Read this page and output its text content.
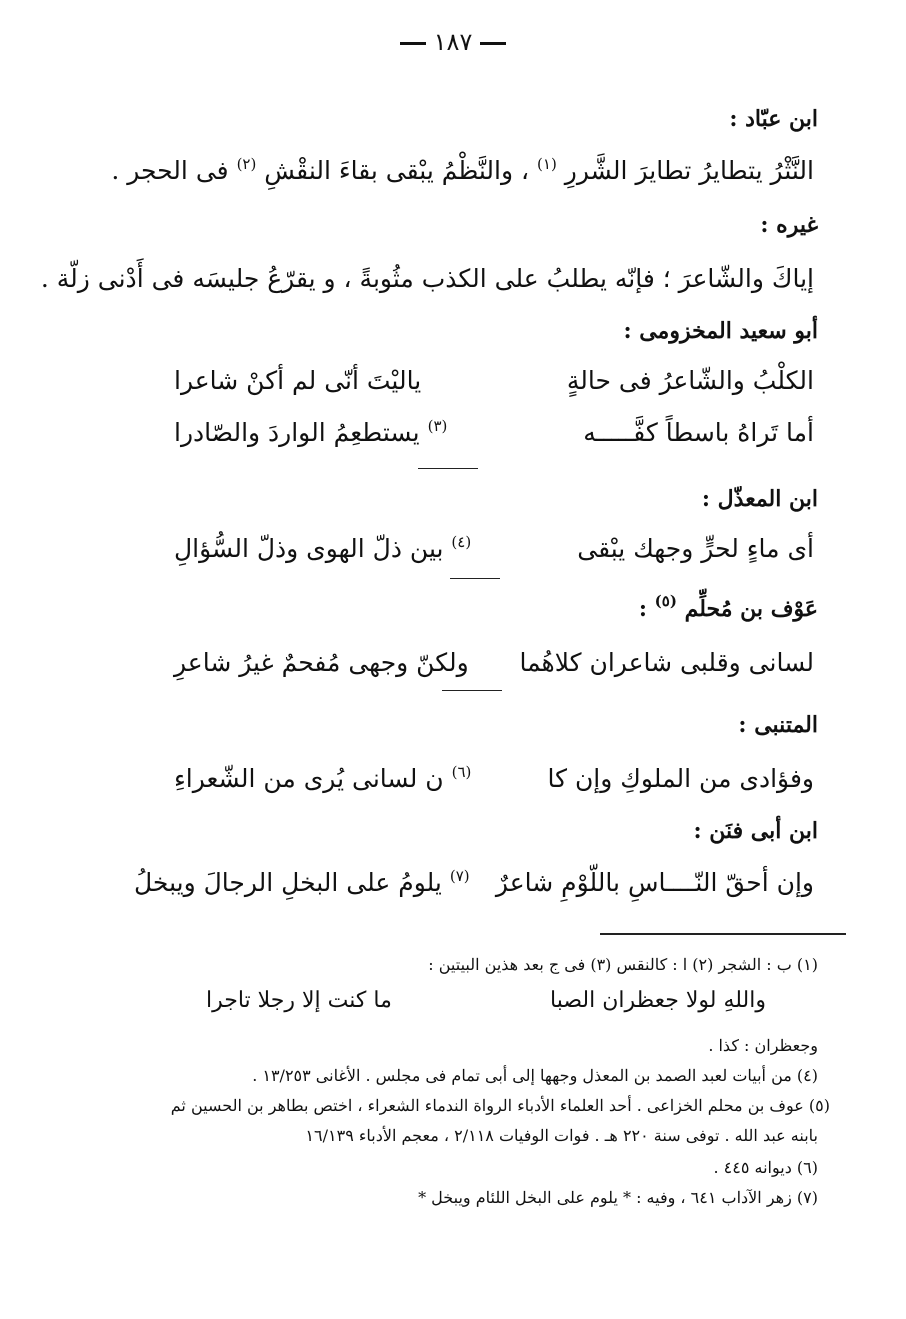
١٨٧
ابن عبّاد :
النَّثْرُ يتطايرُ تطايرَ الشَّررِ $^{(١)}$ ، والنَّظْمُ يبْقى بقاءَ النقْشِ $^{(٢)}$ فى الحجر .
غيره :
إياكَ والشّاعرَ ؛ فإنّه يطلبُ على الكذب مثُوبةً ، و يقرّعُ جليسَه فى أَدْنى زلّة .
أبو سعيد المخزومى :
الكلْبُ والشّاعرُ فى حالةٍ
ياليْتَ أنّى لم أكنْ شاعرا
أما تَراهُ باسطاً كفَّـــــه
$^{(٣)}$ يستطعِمُ الواردَ والصّادرا
ابن المعذّل :
أى ماءٍ لحرٍّ وجهك يبْقى
$^{(٤)}$ بين ذلّ الهوى وذلّ السُّؤالِ
عَوْف بن مُحلِّم $^{(٥)}$ :
لسانى وقلبى شاعران كلاهُما
ولكنّ وجهى مُفحمٌ غيرُ شاعرِ
المتنبى :
وفؤادى من الملوكِ وإن كا
$^{(٦)}$ ن لسانى يُرى من الشّعراءِ
ابن أبى فنَن :
وإن أحقّ النّــــاسِ باللّوْمِ شاعرٌ
$^{(٧)}$ يلومُ على البخلِ الرجالَ ويبخلُ
(١) ب : الشجر (٢) ا : كالنقس (٣) فى ج بعد هذين البيتين :
واللهِ لولا جعظران الصبا
ما كنت إلا رجلا تاجرا
وجعظران : كذا .
(٤) من أبيات لعبد الصمد بن المعذل وجهها إلى أبى تمام فى مجلس . الأغانى ١٣/٢٥٣ .
(٥) عوف بن محلم الخزاعى . أحد العلماء الأدباء الرواة الندماء الشعراء ، اختص بطاهر بن الحسين ثم
بابنه عبد الله . توفى سنة ٢٢٠ هـ . فوات الوفيات ٢/١١٨ ، معجم الأدباء ١٦/١٣٩
(٦) ديوانه ٤٤٥ .
(٧) زهر الآداب ٦٤١ ، وفيه : * يلوم على البخل اللئام ويبخل *
